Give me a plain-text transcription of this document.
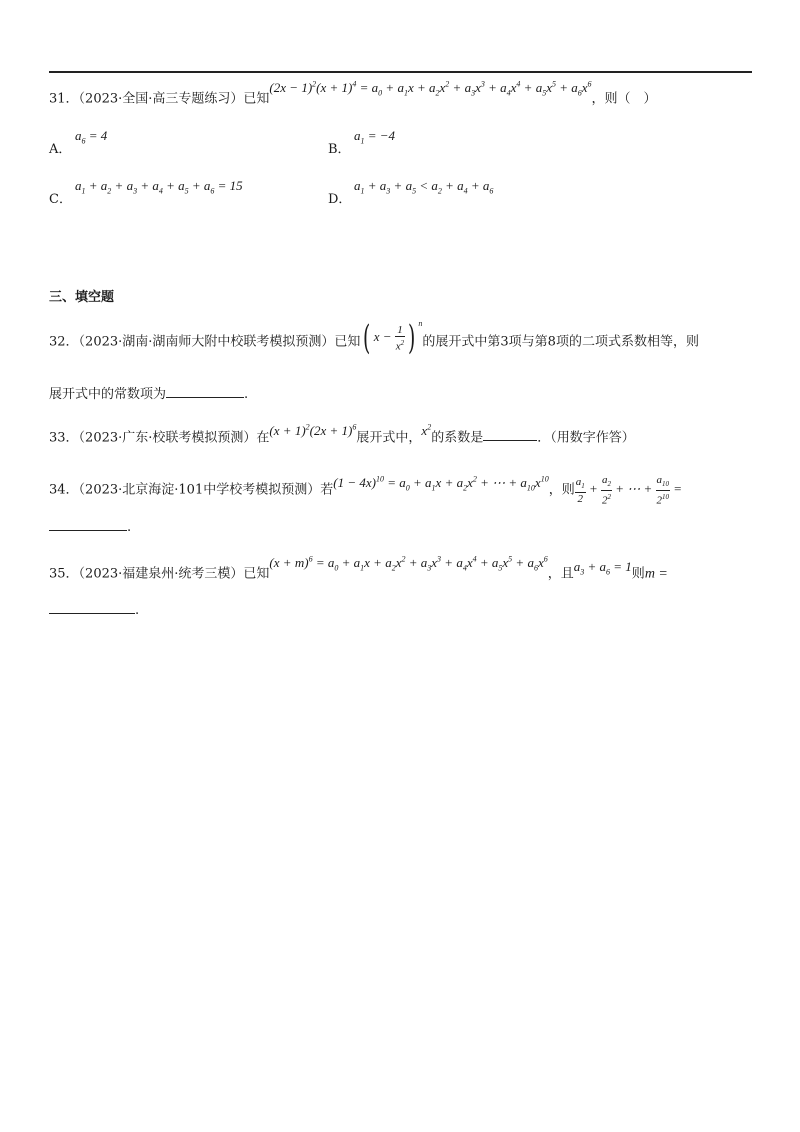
31．（2023·全国·高三专题练习）已知$(2x - 1)^2(x + 1)^4 = a_0 + a_1x + a_2x^2 + a_3x^3 + a_4x^4 + a_5x^5 + a_6x^6$，则（　）
$a_6 = 4$
A．
$a_1 = -4$
B．
$a_1 + a_2 + a_3 + a_4 + a_5 + a_6 = 15$
C．
$a_1 + a_3 + a_5 < a_2 + a_4 + a_6$
D．
三、填空题
32．（2023·湖南·湖南师大附中校联考模拟预测）已知( $x - \frac{1}{x^2}$ ) $^n$的展开式中第3项与第8项的二项式系数相等，则
展开式中的常数项为	.
33．（2023·广东·校联考模拟预测）在$(x + 1)^2(2x + 1)^6$展开式中，$x^2$的系数是	．（用数字作答）
34．（2023·北京海淀·101中学校考模拟预测）若$(1 - 4x)^{10} = a_0 + a_1x + a_2x^2$ + ⋯ + $a_{10}x^{10}$，则 $\frac{a_1}{2} + \frac{a_2}{2^2}$ + ⋯ + $\frac{a_{10}}{2^{10}}$ =
.
35．（2023·福建泉州·统考三模）已知$(x + m)^6 = a_0 + a_1x + a_2x^2 + a_3x^3 + a_4x^4 + a_5x^5 + a_6x^6$，且$a_3 + a_6 = 1$则m =
.
